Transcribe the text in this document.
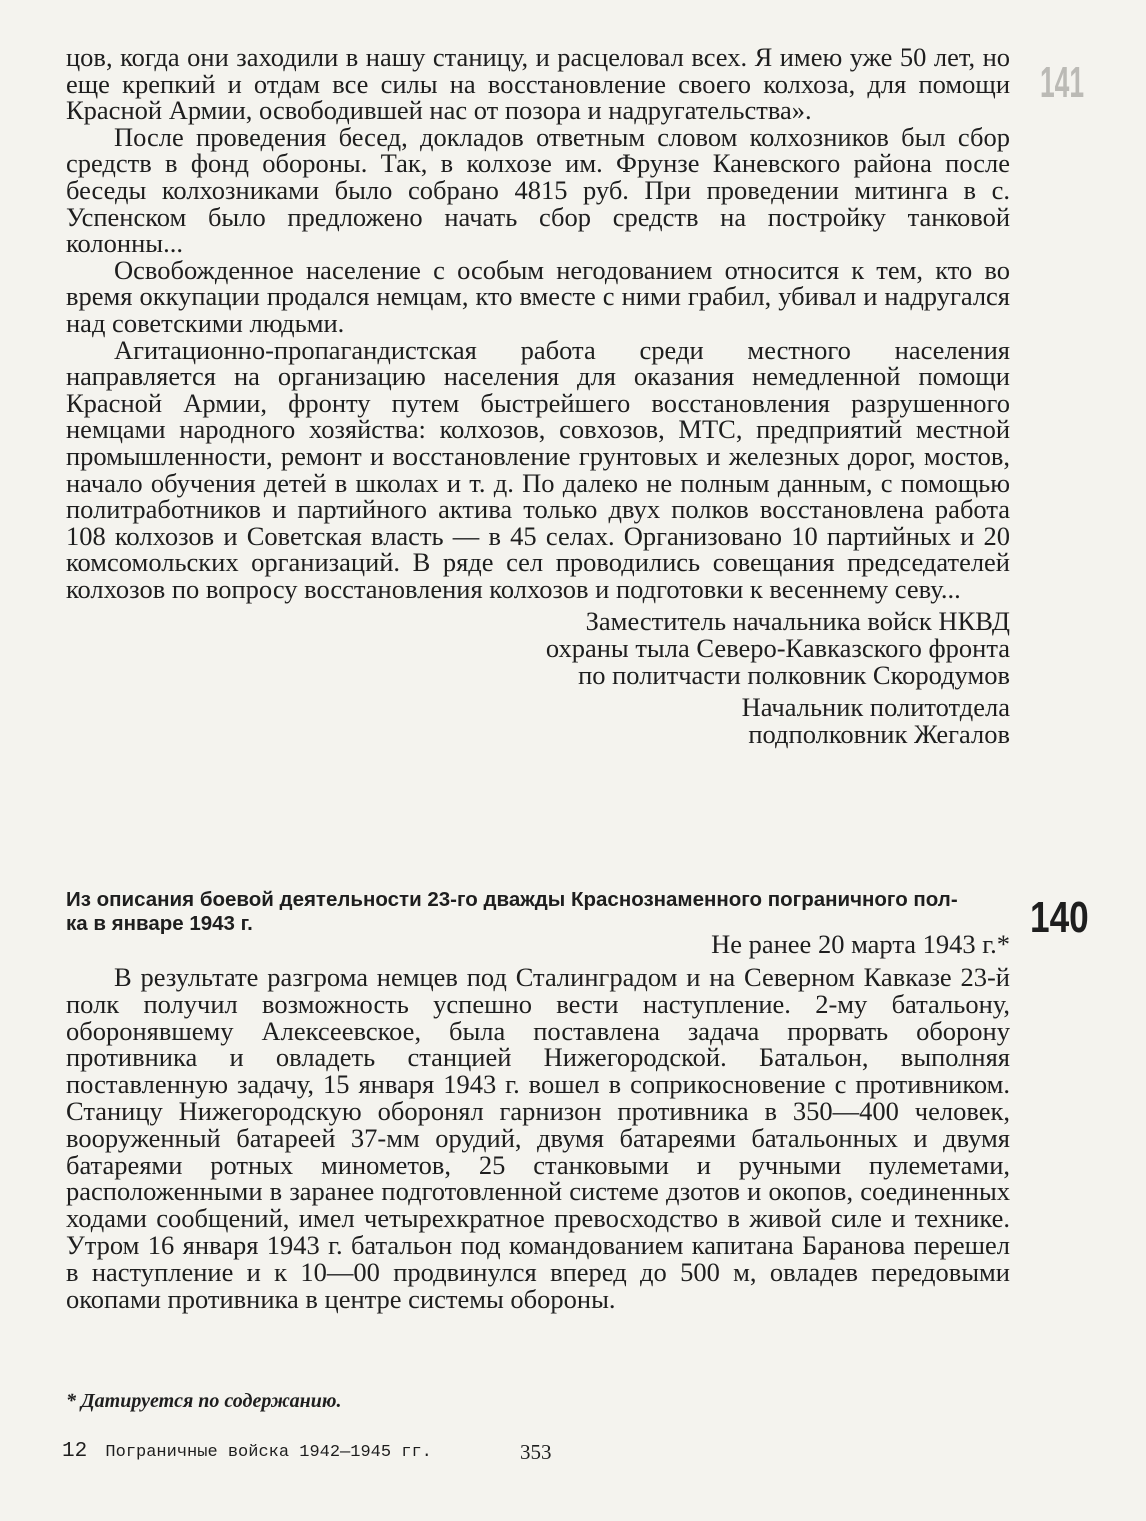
141

цов, когда они заходили в нашу станицу, и расцеловал всех. Я имею уже 50 лет, но еще крепкий и отдам все силы на восстановление своего колхоза, для помощи Красной Армии, освободившей нас от позора и надругательства».

После проведения бесед, докладов ответным словом колхозников был сбор средств в фонд обороны. Так, в колхозе им. Фрунзе Каневского района после беседы колхозниками было собрано 4815 руб. При проведении митинга в с. Успенском было предложено начать сбор средств на постройку танковой колонны...

Освобожденное население с особым негодованием относится к тем, кто во время оккупации продался немцам, кто вместе с ними грабил, убивал и надругался над советскими людьми.

Агитационно-пропагандистская работа среди местного населения направляется на организацию населения для оказания немедленной помощи Красной Армии, фронту путем быстрейшего восстановления разрушенного немцами народного хозяйства: колхозов, совхозов, МТС, предприятий местной промышленности, ремонт и восстановление грунтовых и железных дорог, мостов, начало обучения детей в школах и т. д. По далеко не полным данным, с помощью политработников и партийного актива только двух полков восстановлена работа 108 колхозов и Советская власть — в 45 селах. Организовано 10 партийных и 20 комсомольских организаций. В ряде сел проводились совещания председателей колхозов по вопросу восстановления колхозов и подготовки к весеннему севу...

Заместитель начальника войск НКВД

охраны тыла Северо-Кавказского фронта

по политчасти полковник Скородумов

Начальник политотдела

подполковник Жегалов

Из описания боевой деятельности 23-го дважды Краснознаменного пограничного пол-
ка в январе 1943 г.	140
Не ранее 20 марта 1943 г.*

В результате разгрома немцев под Сталинградом и на Северном Кавказе 23-й полк получил возможность успешно вести наступление. 2-му батальону, оборонявшему Алексеевское, была поставлена задача прорвать оборону противника и овладеть станцией Нижегородской. Батальон, выполняя поставленную задачу, 15 января 1943 г. вошел в соприкосновение с противником. Станицу Нижегородскую оборонял гарнизон противника в 350—400 человек, вооруженный батареей 37-мм орудий, двумя батареями батальонных и двумя батареями ротных минометов, 25 станковыми и ручными пулеметами, расположенными в заранее подготовленной системе дзотов и окопов, соединенных ходами сообщений, имел четырехкратное превосходство в живой силе и технике. Утром 16 января 1943 г. батальон под командованием капитана Баранова перешел в наступление и к 10—00 продвинулся вперед до 500 м, овладев передовыми окопами противника в центре системы обороны.

* Датируется по содержанию.
12 Пограничные войска 1942—1945 гг.	353
